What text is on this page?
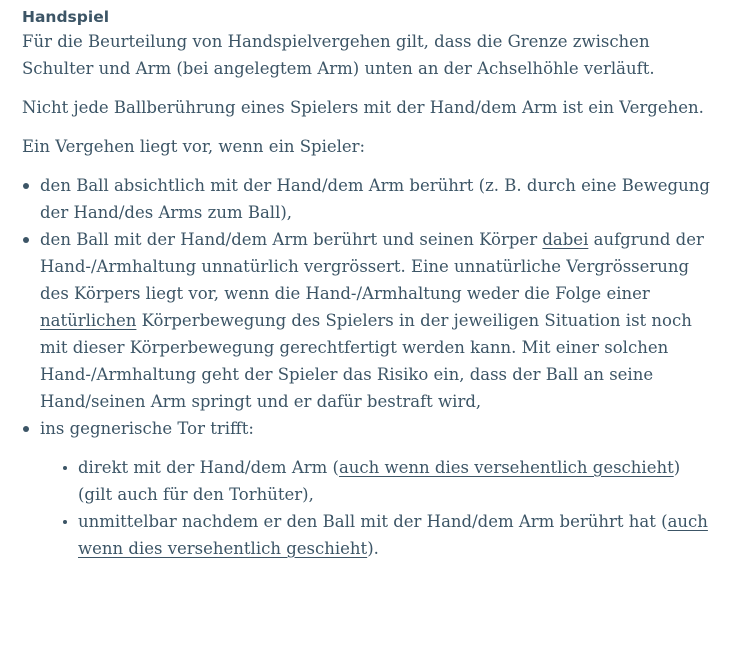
Handspiel

Für die Beurteilung von Handspielvergehen gilt, dass die Grenze zwischen Schulter und Arm (bei angelegtem Arm) unten an der Achselhöhle verläuft.

Nicht jede Ballberührung eines Spielers mit der Hand/dem Arm ist ein Vergehen.

Ein Vergehen liegt vor, wenn ein Spieler:

den Ball absichtlich mit der Hand/dem Arm berührt (z. B. durch eine Bewegung der Hand/des Arms zum Ball),
den Ball mit der Hand/dem Arm berührt und seinen Körper dabei aufgrund der Hand-/Armhaltung unnatürlich vergrössert. Eine unnatürliche Vergrösserung des Körpers liegt vor, wenn die Hand-/Armhaltung weder die Folge einer natürlichen Körperbewegung des Spielers in der jeweiligen Situation ist noch mit dieser Körperbewegung gerechtfertigt werden kann. Mit einer solchen Hand-/Armhaltung geht der Spieler das Risiko ein, dass der Ball an seine Hand/seinen Arm springt und er dafür bestraft wird,
ins gegnerische Tor trifft:
direkt mit der Hand/dem Arm (auch wenn dies versehentlich geschieht) (gilt auch für den Torhüter),
unmittelbar nachdem er den Ball mit der Hand/dem Arm berührt hat (auch wenn dies versehentlich geschieht).
